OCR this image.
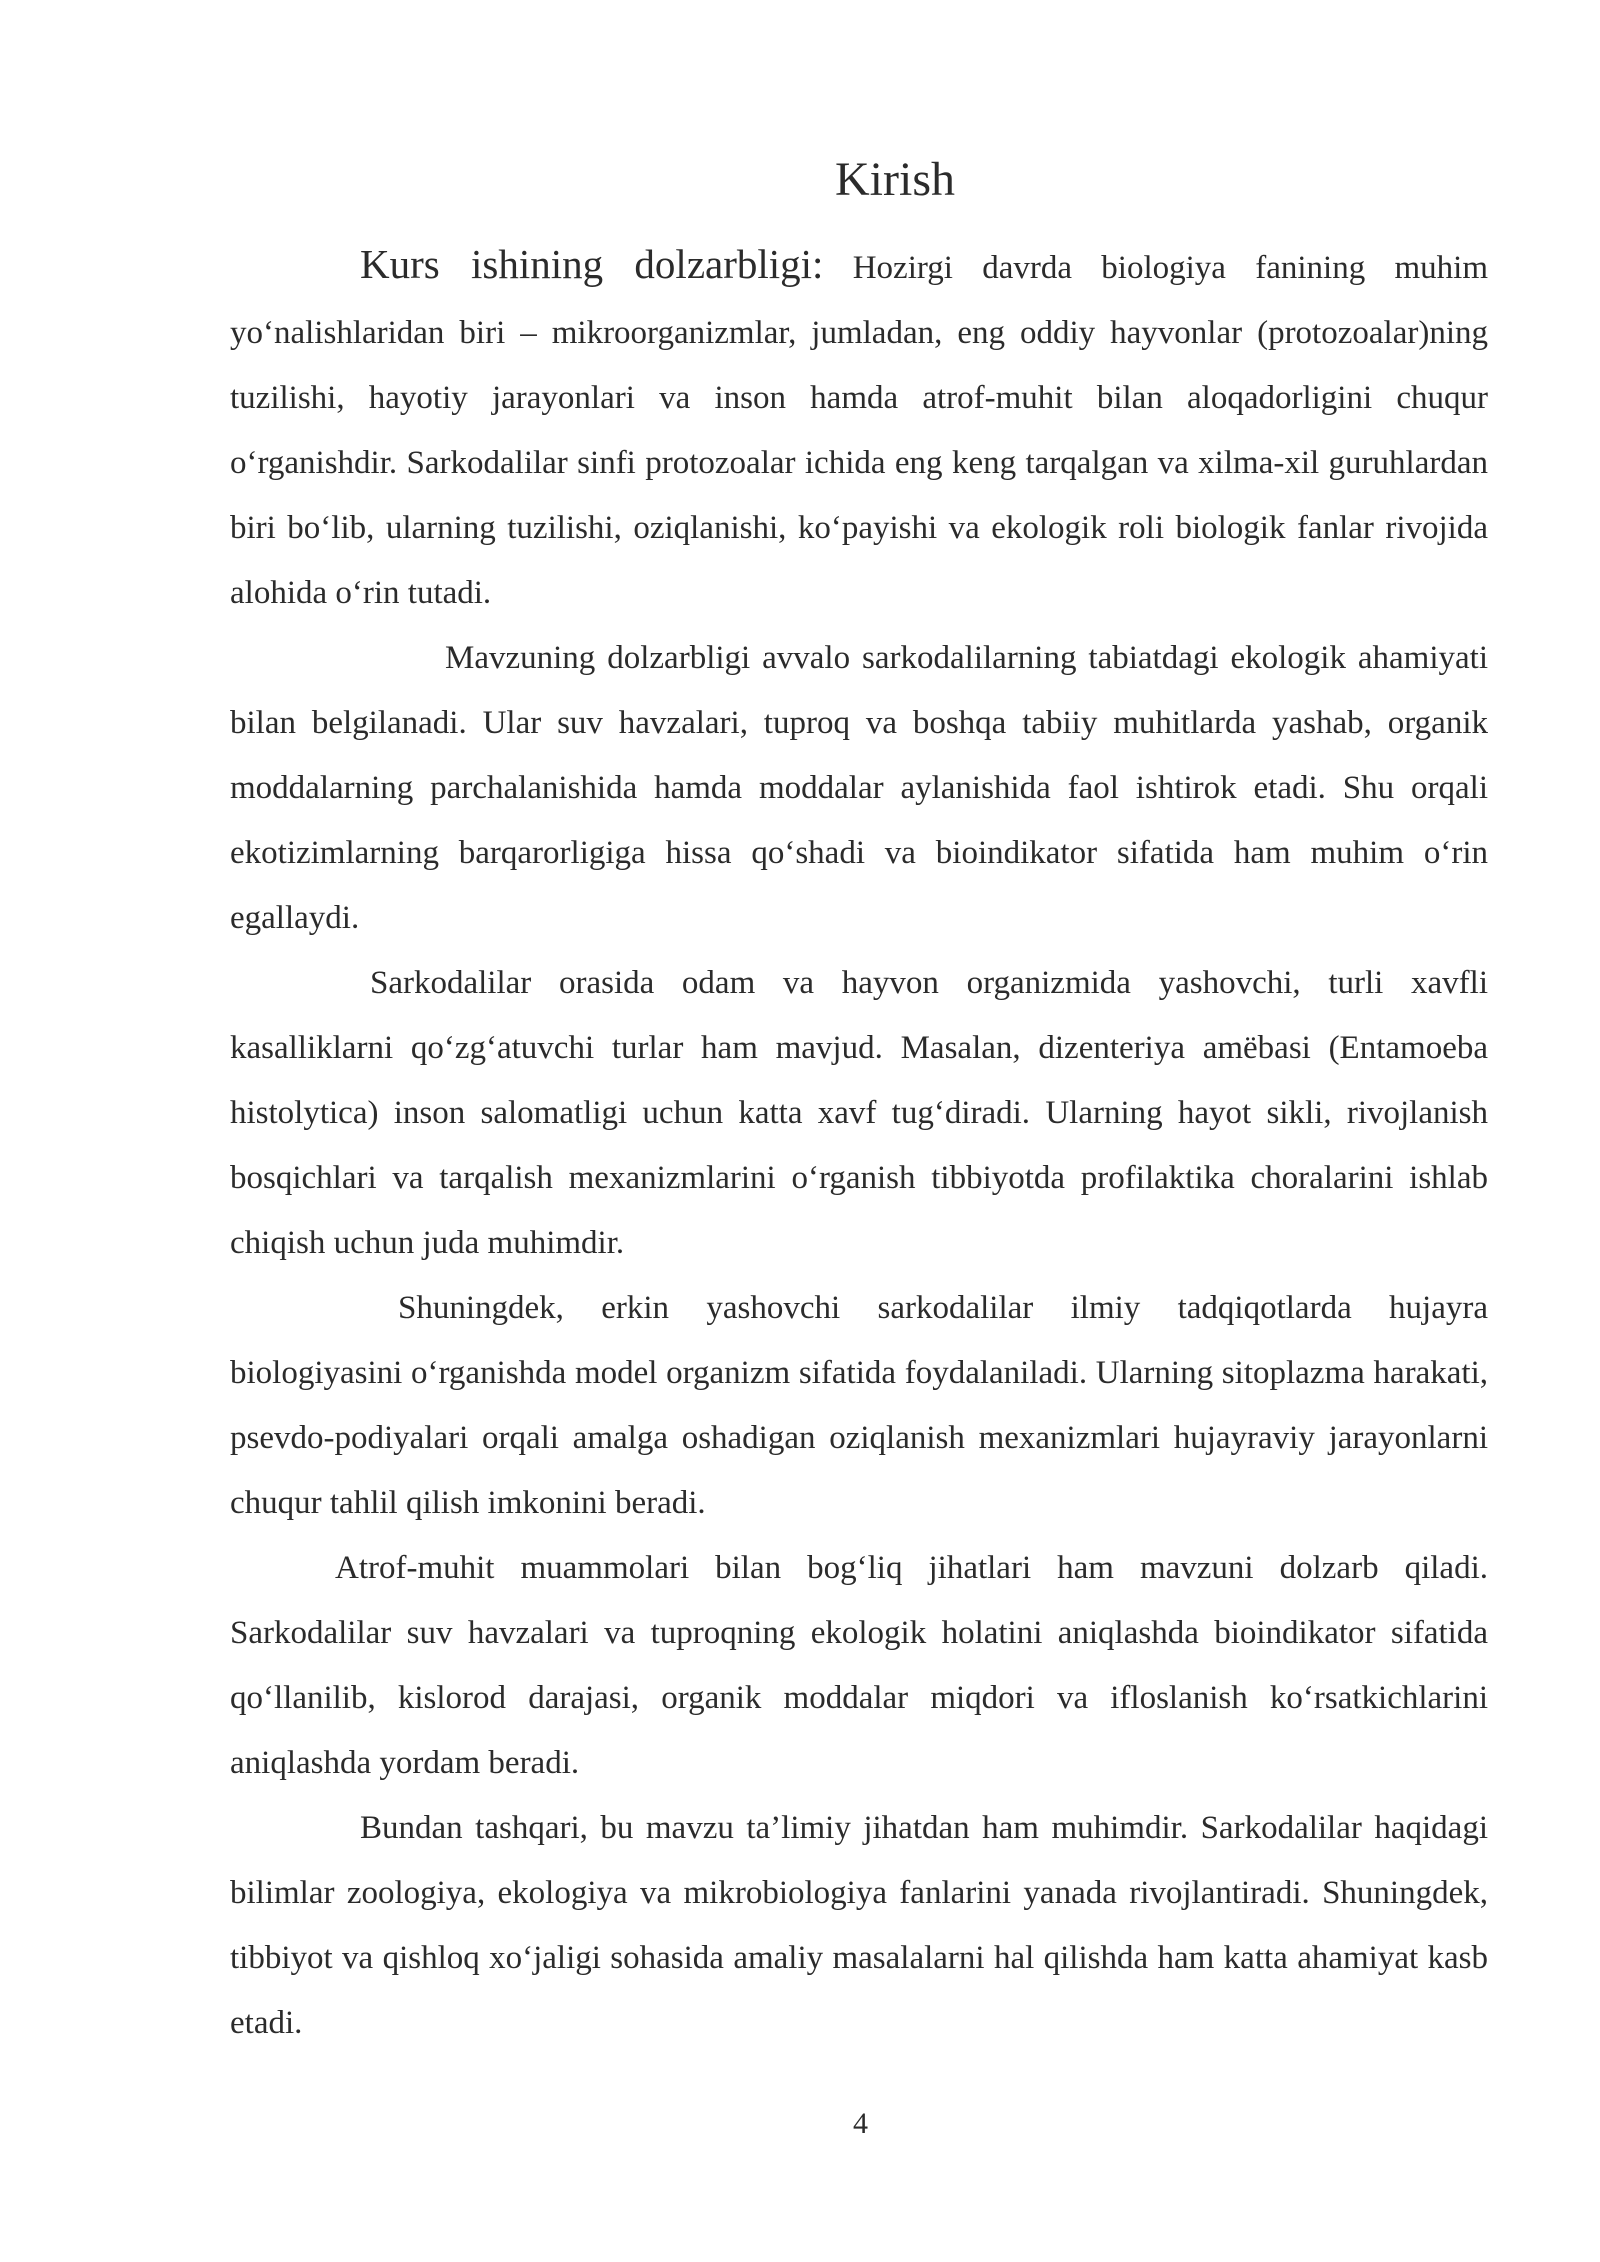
Kirish

Kurs ishining dolzarbligi: Hozirgi davrda biologiya fanining muhim yo‘nalishlaridan biri – mikroorganizmlar, jumladan, eng oddiy hayvonlar (protozoalar)ning tuzilishi, hayotiy jarayonlari va inson hamda atrof-muhit bilan aloqadorligini chuqur o‘rganishdir. Sarkodalilar sinfi protozoalar ichida eng keng tarqalgan va xilma-xil guruhlardan biri bo‘lib, ularning tuzilishi, oziqlanishi, ko‘payishi va ekologik roli biologik fanlar rivojida alohida o‘rin tutadi.

Mavzuning dolzarbligi avvalo sarkodalilarning tabiatdagi ekologik ahamiyati bilan belgilanadi. Ular suv havzalari, tuproq va boshqa tabiiy muhitlarda yashab, organik moddalarning parchalanishida hamda moddalar aylanishida faol ishtirok etadi. Shu orqali ekotizimlarning barqarorligiga hissa qo‘shadi va bioindikator sifatida ham muhim o‘rin egallaydi.

Sarkodalilar orasida odam va hayvon organizmida yashovchi, turli xavfli kasalliklarni qo‘zg‘atuvchi turlar ham mavjud. Masalan, dizenteriya amëbasi (Entamoeba histolytica) inson salomatligi uchun katta xavf tug‘diradi. Ularning hayot sikli, rivojlanish bosqichlari va tarqalish mexanizmlarini o‘rganish tibbiyotda profilaktika choralarini ishlab chiqish uchun juda muhimdir.

Shuningdek, erkin yashovchi sarkodalilar ilmiy tadqiqotlarda hujayra biologiyasini o‘rganishda model organizm sifatida foydalaniladi. Ularning sitoplazma harakati, psevdo-podiyalari orqali amalga oshadigan oziqlanish mexanizmlari hujayraviy jarayonlarni chuqur tahlil qilish imkonini beradi.

Atrof-muhit muammolari bilan bog‘liq jihatlari ham mavzuni dolzarb qiladi. Sarkodalilar suv havzalari va tuproqning ekologik holatini aniqlashda bioindikator sifatida qo‘llanilib, kislorod darajasi, organik moddalar miqdori va ifloslanish ko‘rsatkichlarini aniqlashda yordam beradi.

Bundan tashqari, bu mavzu ta’limiy jihatdan ham muhimdir. Sarkodalilar haqidagi bilimlar zoologiya, ekologiya va mikrobiologiya fanlarini yanada rivojlantiradi. Shuningdek, tibbiyot va qishloq xo‘jaligi sohasida amaliy masalalarni hal qilishda ham katta ahamiyat kasb etadi.

4
